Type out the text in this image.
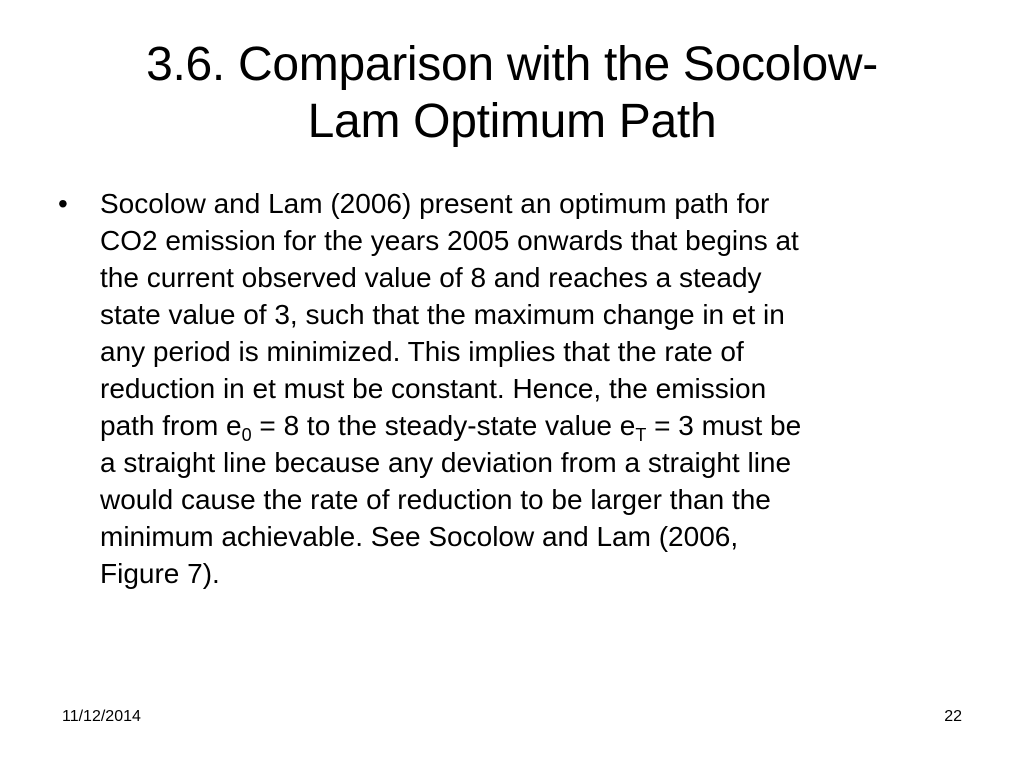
3.6. Comparison with the Socolow-
Lam Optimum Path
• Socolow and Lam (2006) present an optimum path for
CO2 emission for the years 2005 onwards that begins at
the current observed value of 8 and reaches a steady
state value of 3, such that the maximum change in et in
any period is minimized. This implies that the rate of
reduction in et must be constant. Hence, the emission
path from $e_0 = 8$ to the steady-state value $e_T = 3$ must be
a straight line because any deviation from a straight line
would cause the rate of reduction to be larger than the
minimum achievable. See Socolow and Lam (2006,
Figure 7).
11/12/2014	22
